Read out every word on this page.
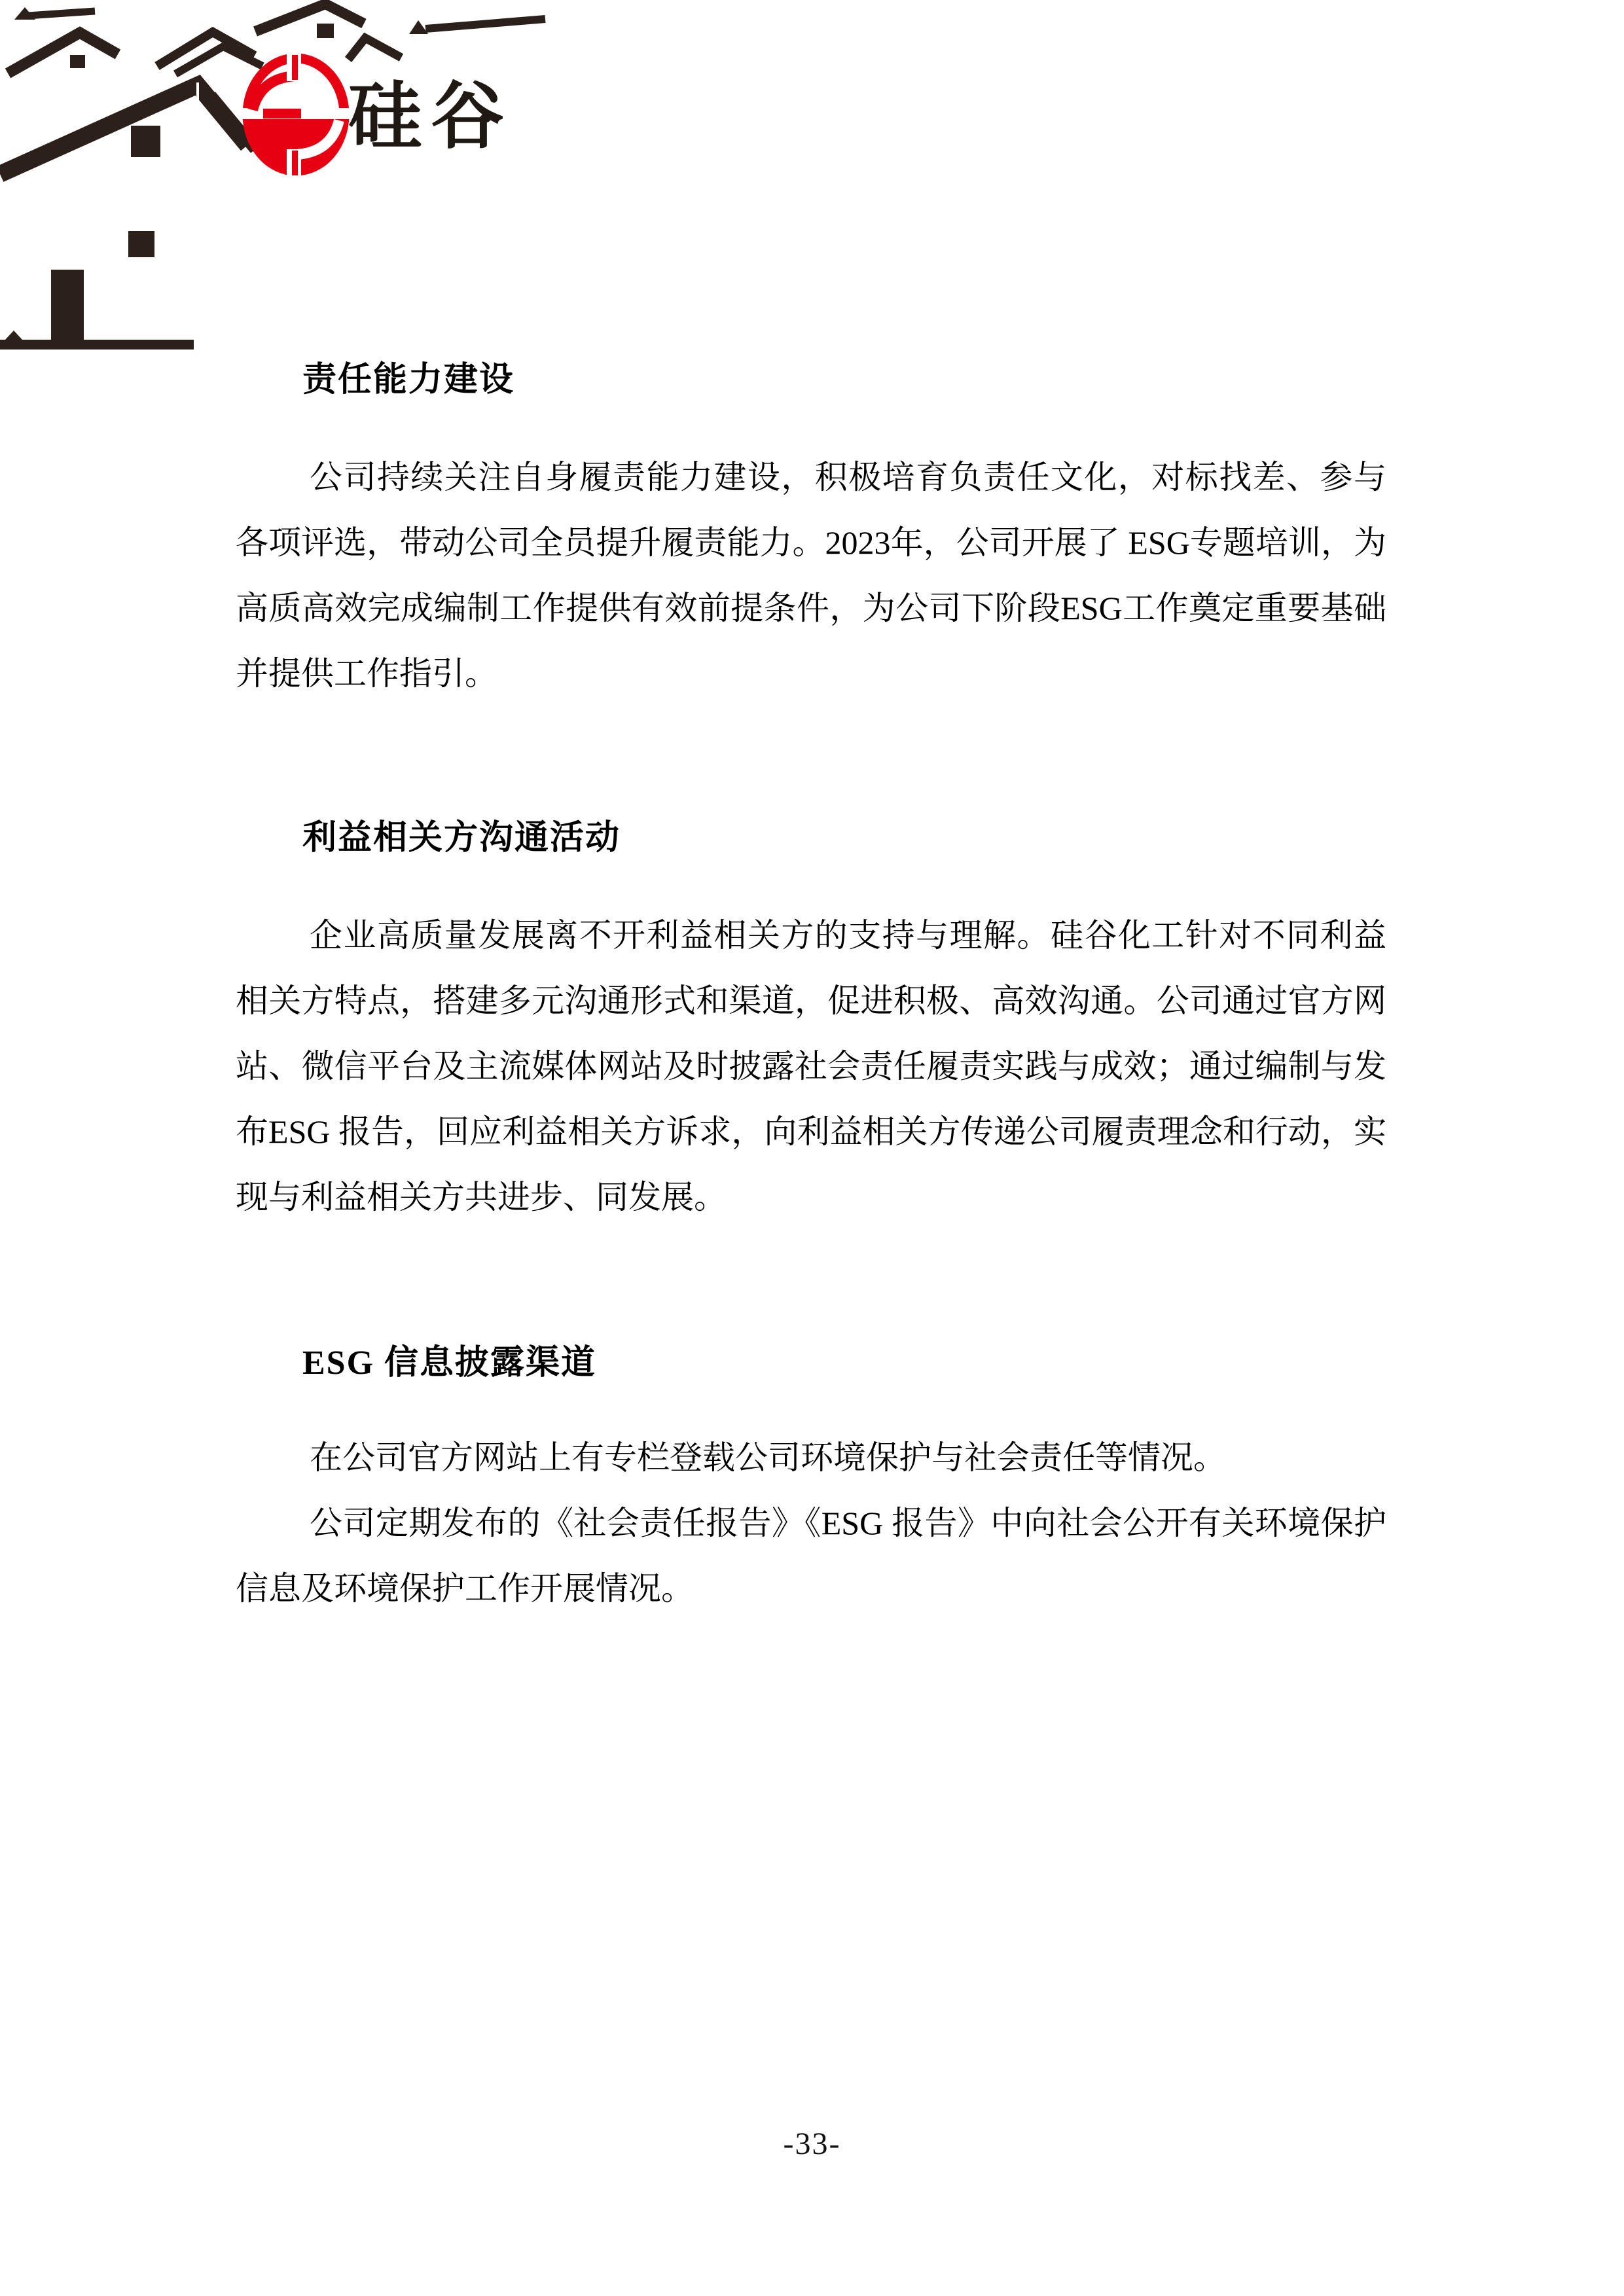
硅谷
责任能力建设

公司持续关注自身履责能力建设，积极培育负责任文化，对标找差、参与各项评选，带动公司全员提升履责能力。2023年，公司开展了 ESG专题培训，为高质高效完成编制工作提供有效前提条件，为公司下阶段ESG工作奠定重要基础并提供工作指引。

利益相关方沟通活动

企业高质量发展离不开利益相关方的支持与理解。硅谷化工针对不同利益相关方特点，搭建多元沟通形式和渠道，促进积极、高效沟通。公司通过官方网站、微信平台及主流媒体网站及时披露社会责任履责实践与成效；通过编制与发布ESG 报告，回应利益相关方诉求，向利益相关方传递公司履责理念和行动，实现与利益相关方共进步、同发展。

ESG 信息披露渠道

在公司官方网站上有专栏登载公司环境保护与社会责任等情况。

公司定期发布的《社会责任报告》《ESG 报告》中向社会公开有关环境保护信息及环境保护工作开展情况。

-33-
